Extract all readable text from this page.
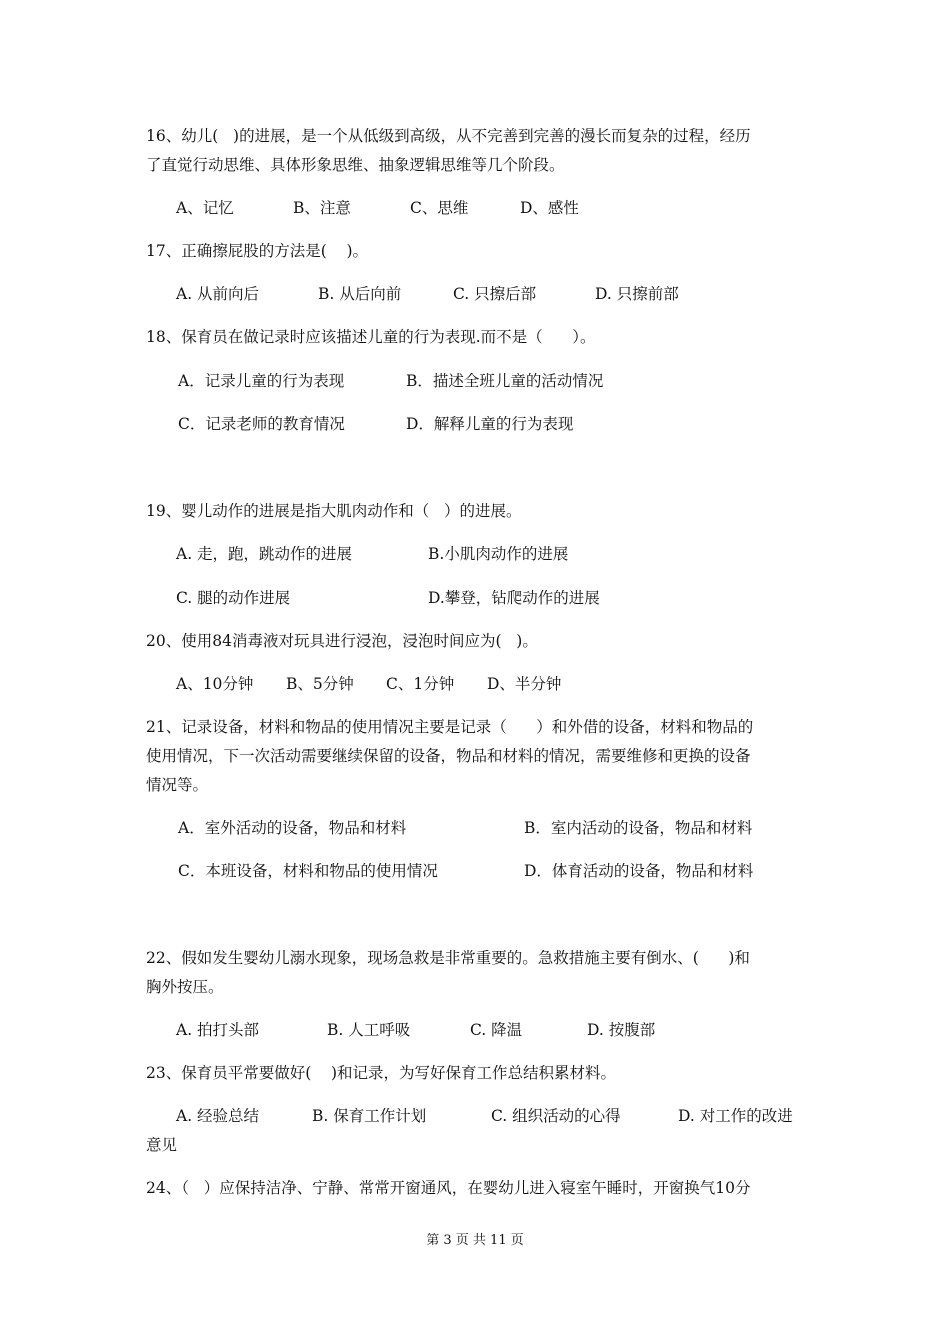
16、幼儿(   )的进展，是一个从低级到高级，从不完善到完善的漫长而复杂的过程，经历
了直觉行动思维、具体形象思维、抽象逻辑思维等几个阶段。
A、记忆	B、注意	C、思维	D、感性
17、正确擦屁股的方法是(    )。
A. 从前向后	B. 从后向前	C. 只擦后部	D. 只擦前部
18、保育员在做记录时应该描述儿童的行为表现.而不是（      ）。
A．记录儿童的行为表现	B．描述全班儿童的活动情况
C．记录老师的教育情况	D．解释儿童的行为表现
19、婴儿动作的进展是指大肌肉动作和（   ）的进展。
A. 走，跑，跳动作的进展	B.小肌肉动作的进展
C. 腿的动作进展	D.攀登，钻爬动作的进展
20、使用84消毒液对玩具进行浸泡，浸泡时间应为(   )。
A、10分钟 B、5分钟 C、1分钟 D、半分钟
21、记录设备，材料和物品的使用情况主要是记录（      ）和外借的设备，材料和物品的
使用情况，下一次活动需要继续保留的设备，物品和材料的情况，需要维修和更换的设备
情况等。
A．室外活动的设备，物品和材料	B．室内活动的设备，物品和材料
C．本班设备，材料和物品的使用情况	D．体育活动的设备，物品和材料
22、假如发生婴幼儿溺水现象，现场急救是非常重要的。急救措施主要有倒水、(      )和
胸外按压。
A. 拍打头部	B. 人工呼吸	C. 降温	D. 按腹部
23、保育员平常要做好(    )和记录，为写好保育工作总结积累材料。
A. 经验总结	B. 保育工作计划	C. 组织活动的心得	D. 对工作的改进
意见
24、（   ）应保持洁净、宁静、常常开窗通风，在婴幼儿进入寝室午睡时，开窗换气10分
第 3 页 共 11 页
